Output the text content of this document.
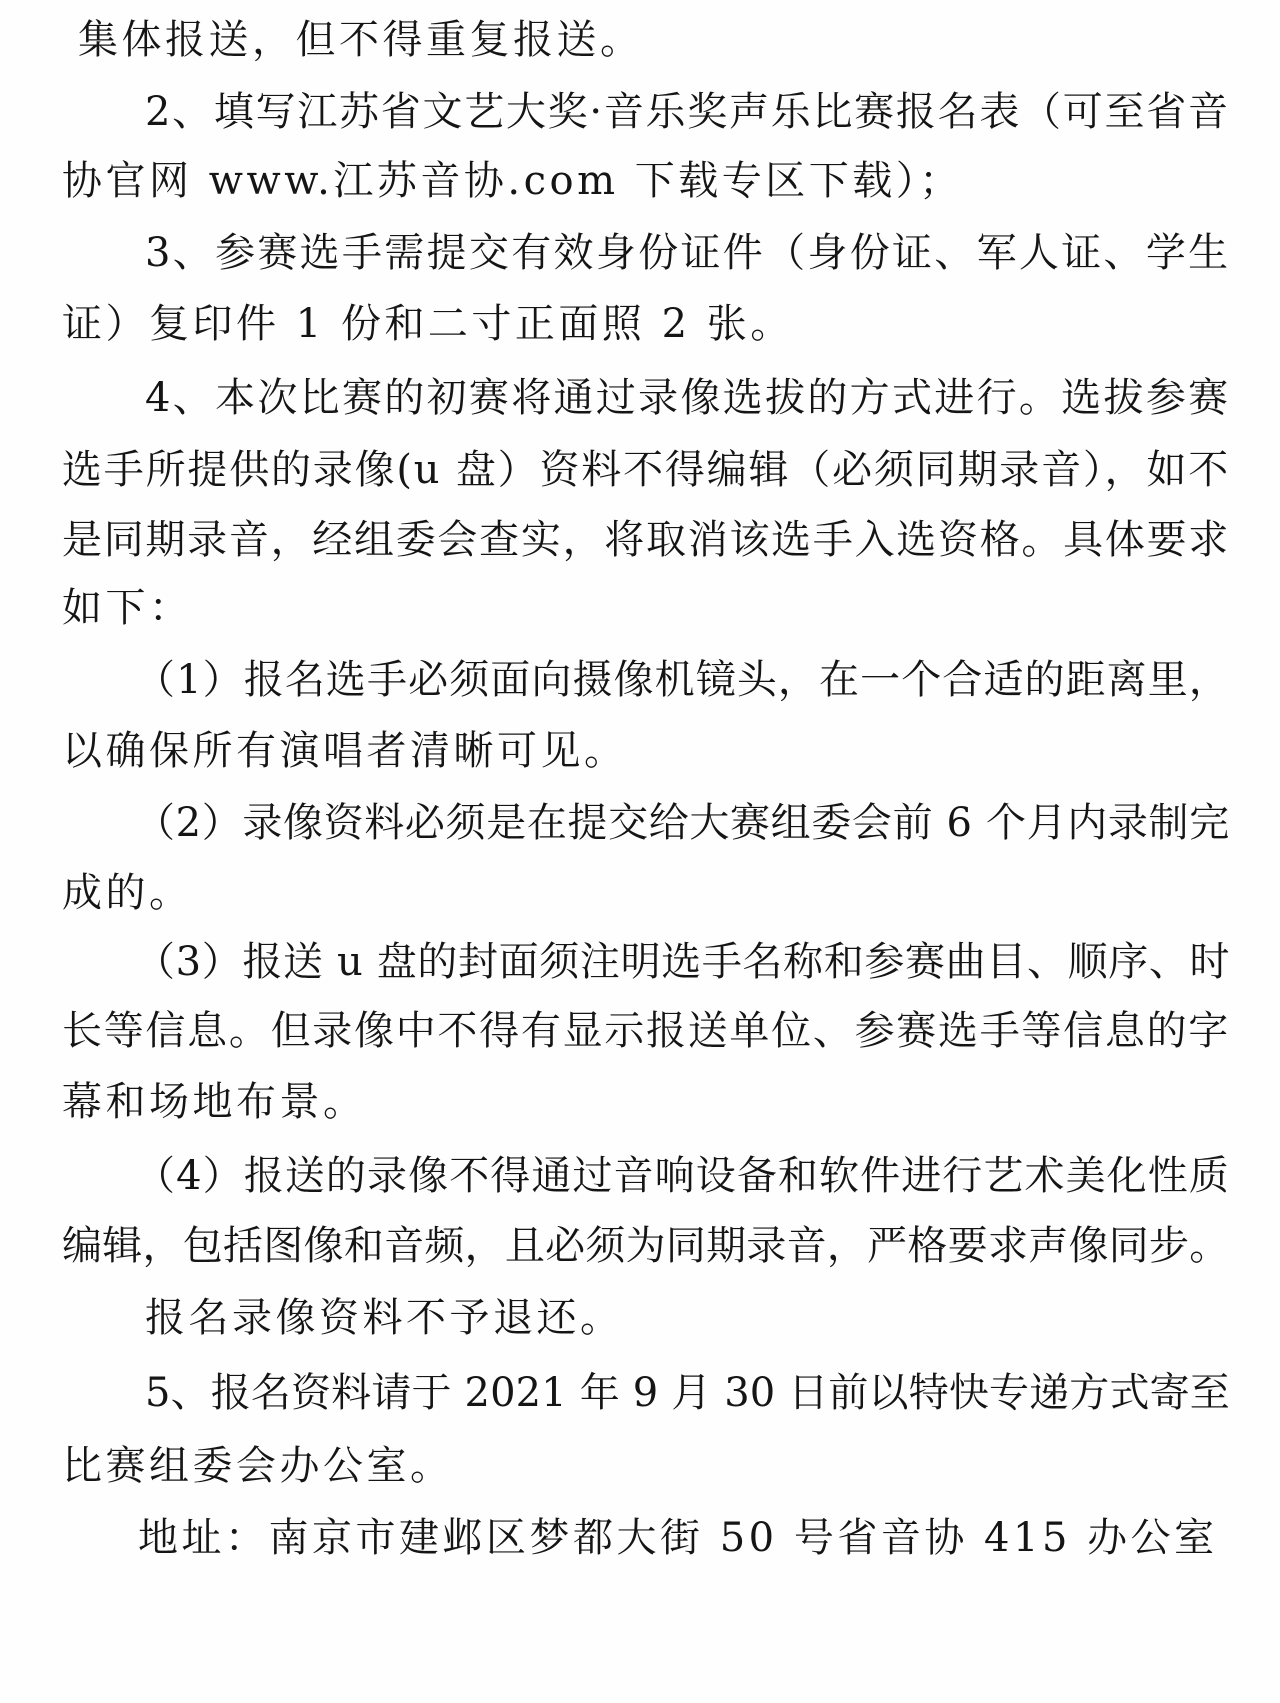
集体报送，但不得重复报送。
2、填写江苏省文艺大奖·音乐奖声乐比赛报名表（可至省音
协官网 www.江苏音协.com 下载专区下载）；
3、参赛选手需提交有效身份证件（身份证、军人证、学生
证）复印件 1 份和二寸正面照 2 张。
4、本次比赛的初赛将通过录像选拔的方式进行。选拔参赛
选手所提供的录像(u 盘）资料不得编辑（必须同期录音），如不
是同期录音，经组委会查实，将取消该选手入选资格。具体要求
如下：
（1）报名选手必须面向摄像机镜头，在一个合适的距离里，
以确保所有演唱者清晰可见。
（2）录像资料必须是在提交给大赛组委会前 6 个月内录制完
成的。
（3）报送 u 盘的封面须注明选手名称和参赛曲目、顺序、时
长等信息。但录像中不得有显示报送单位、参赛选手等信息的字
幕和场地布景。
（4）报送的录像不得通过音响设备和软件进行艺术美化性质
编辑，包括图像和音频，且必须为同期录音，严格要求声像同步。
报名录像资料不予退还。
5、报名资料请于 2021 年 9 月 30 日前以特快专递方式寄至
比赛组委会办公室。
地址：南京市建邺区梦都大街 50 号省音协 415 办公室
